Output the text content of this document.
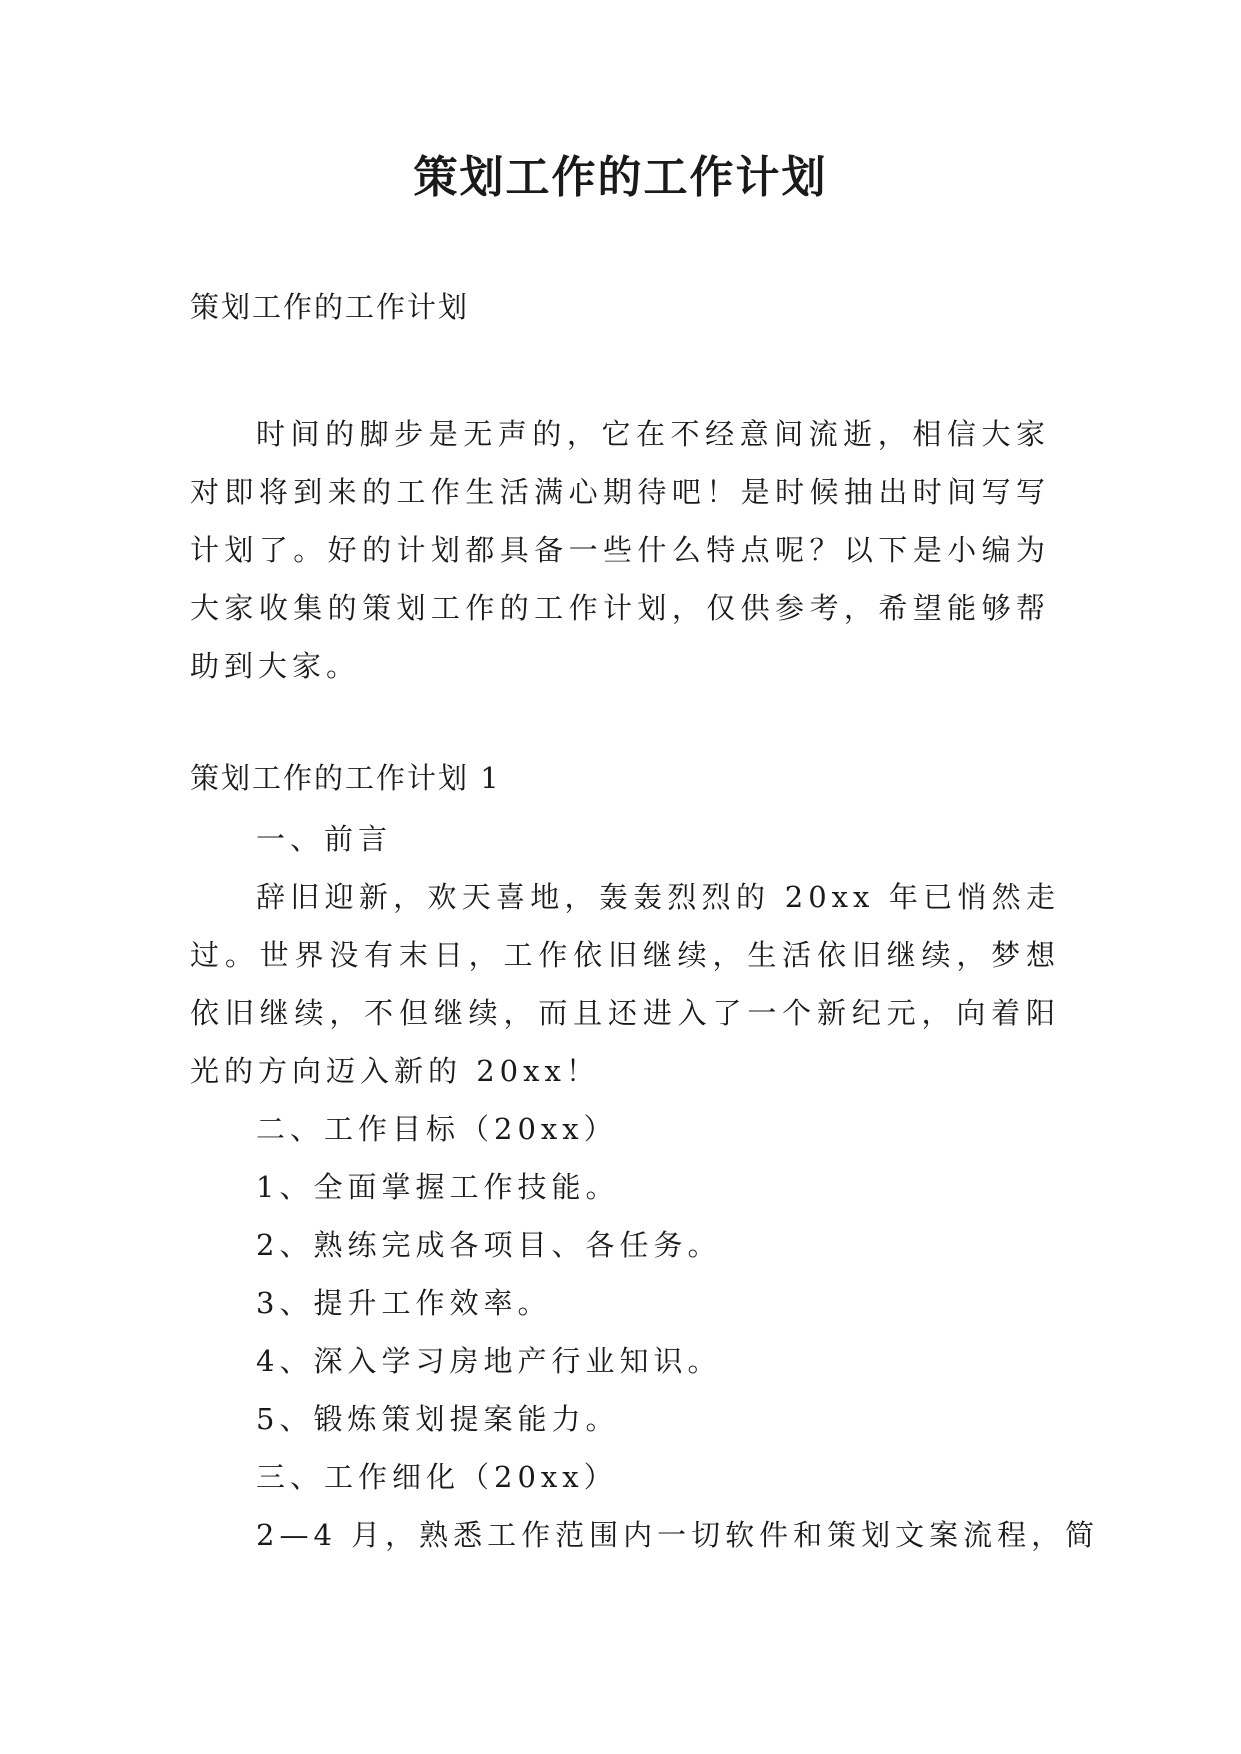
策划工作的工作计划

策划工作的工作计划

时间的脚步是无声的，它在不经意间流逝，相信大家对即将到来的工作生活满心期待吧！是时候抽出时间写写计划了。好的计划都具备一些什么特点呢？以下是小编为大家收集的策划工作的工作计划，仅供参考，希望能够帮助到大家。

策划工作的工作计划 1

一、前言

辞旧迎新，欢天喜地，轰轰烈烈的 20xx 年已悄然走过。世界没有末日，工作依旧继续，生活依旧继续，梦想依旧继续，不但继续，而且还进入了一个新纪元，向着阳光的方向迈入新的 20xx！

二、工作目标（20xx）

1、全面掌握工作技能。

2、熟练完成各项目、各任务。

3、提升工作效率。

4、深入学习房地产行业知识。

5、锻炼策划提案能力。

三、工作细化（20xx）

2—4 月，熟悉工作范围内一切软件和策划文案流程，简
